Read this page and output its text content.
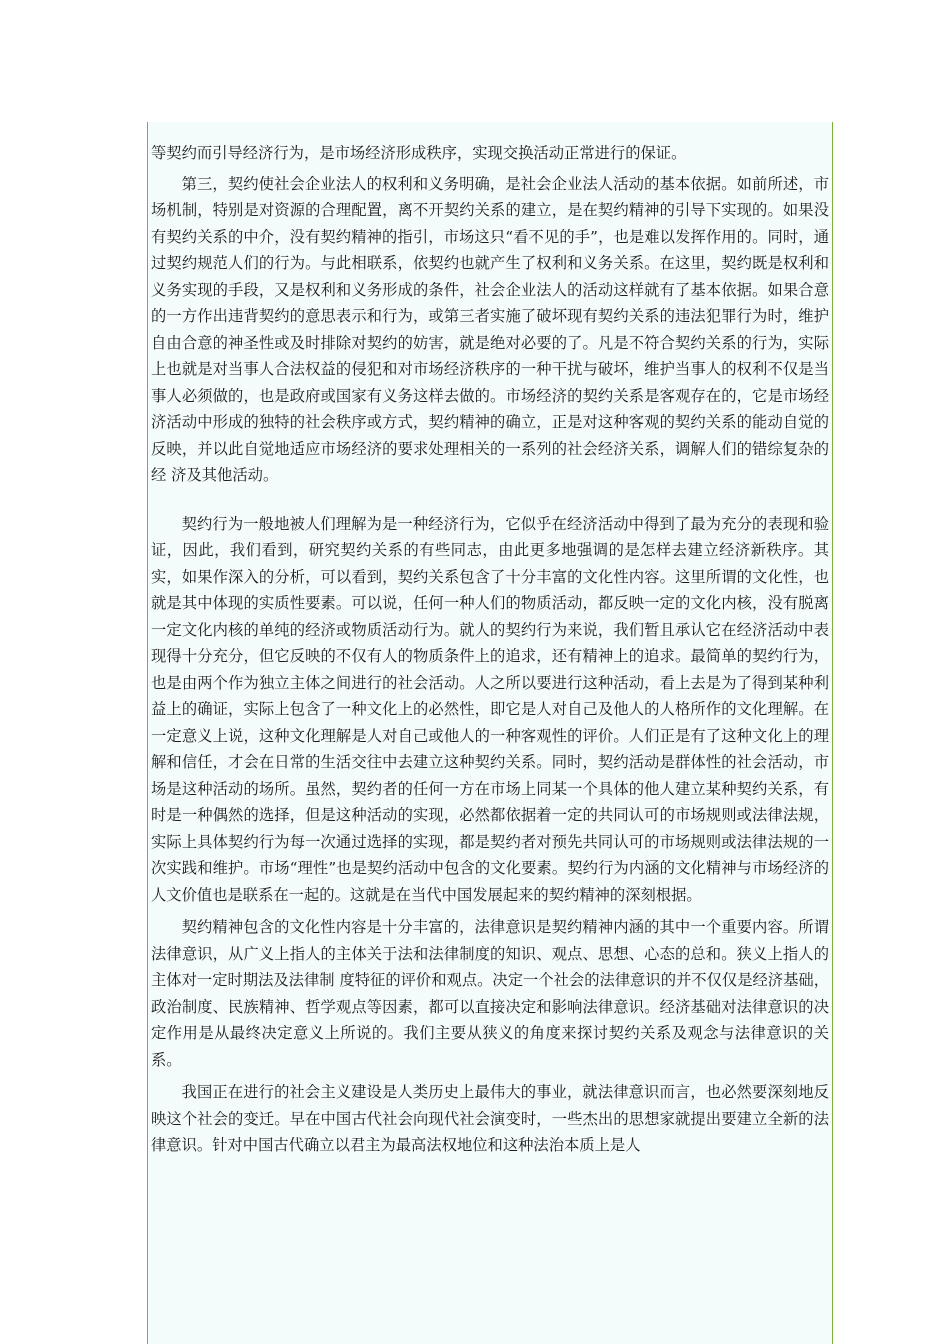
等契约而引导经济行为，是市场经济形成秩序，实现交换活动正常进行的保证。

第三，契约使社会企业法人的权利和义务明确，是社会企业法人活动的基本依据。如前所述，市场机制，特别是对资源的合理配置，离不开契约关系的建立，是在契约精神的引导下实现的。如果没有契约关系的中介，没有契约精神的指引，市场这只“看不见的手”，也是难以发挥作用的。同时，通过契约规范人们的行为。与此相联系，依契约也就产生了权利和义务关系。在这里，契约既是权利和义务实现的手段，又是权利和义务形成的条件，社会企业法人的活动这样就有了基本依据。如果合意的一方作出违背契约的意思表示和行为，或第三者实施了破坏现有契约关系的违法犯罪行为时，维护自由合意的神圣性或及时排除对契约的妨害，就是绝对必要的了。凡是不符合契约关系的行为，实际上也就是对当事人合法权益的侵犯和对市场经济秩序的一种干扰与破坏，维护当事人的权利不仅是当事人必须做的，也是政府或国家有义务这样去做的。市场经济的契约关系是客观存在的，它是市场经济活动中形成的独特的社会秩序或方式，契约精神的确立，正是对这种客观的契约关系的能动自觉的反映，并以此自觉地适应市场经济的要求处理相关的一系列的社会经济关系，调解人们的错综复杂的经 济及其他活动。

契约行为一般地被人们理解为是一种经济行为，它似乎在经济活动中得到了最为充分的表现和验证，因此，我们看到，研究契约关系的有些同志，由此更多地强调的是怎样去建立经济新秩序。其实，如果作深入的分析，可以看到，契约关系包含了十分丰富的文化性内容。这里所谓的文化性，也就是其中体现的实质性要素。可以说，任何一种人们的物质活动，都反映一定的文化内核，没有脱离一定文化内核的单纯的经济或物质活动行为。就人的契约行为来说，我们暂且承认它在经济活动中表现得十分充分，但它反映的不仅有人的物质条件上的追求，还有精神上的追求。最简单的契约行为，也是由两个作为独立主体之间进行的社会活动。人之所以要进行这种活动，看上去是为了得到某种利益上的确证，实际上包含了一种文化上的必然性，即它是人对自己及他人的人格所作的文化理解。在一定意义上说，这种文化理解是人对自己或他人的一种客观性的评价。人们正是有了这种文化上的理解和信任，才会在日常的生活交往中去建立这种契约关系。同时，契约活动是群体性的社会活动，市场是这种活动的场所。虽然，契约者的任何一方在市场上同某一个具体的他人建立某种契约关系，有时是一种偶然的选择，但是这种活动的实现，必然都依据着一定的共同认可的市场规则或法律法规，实际上具体契约行为每一次通过选择的实现，都是契约者对预先共同认可的市场规则或法律法规的一次实践和维护。市场“理性”也是契约活动中包含的文化要素。契约行为内涵的文化精神与市场经济的人文价值也是联系在一起的。这就是在当代中国发展起来的契约精神的深刻根据。

契约精神包含的文化性内容是十分丰富的，法律意识是契约精神内涵的其中一个重要内容。所谓法律意识，从广义上指人的主体关于法和法律制度的知识、观点、思想、心态的总和。狭义上指人的主体对一定时期法及法律制 度特征的评价和观点。决定一个社会的法律意识的并不仅仅是经济基础，政治制度、民族精神、哲学观点等因素，都可以直接决定和影响法律意识。经济基础对法律意识的决定作用是从最终决定意义上所说的。我们主要从狭义的角度来探讨契约关系及观念与法律意识的关系。

我国正在进行的社会主义建设是人类历史上最伟大的事业，就法律意识而言，也必然要深刻地反映这个社会的变迁。早在中国古代社会向现代社会演变时，一些杰出的思想家就提出要建立全新的法律意识。针对中国古代确立以君主为最高法权地位和这种法治本质上是人
